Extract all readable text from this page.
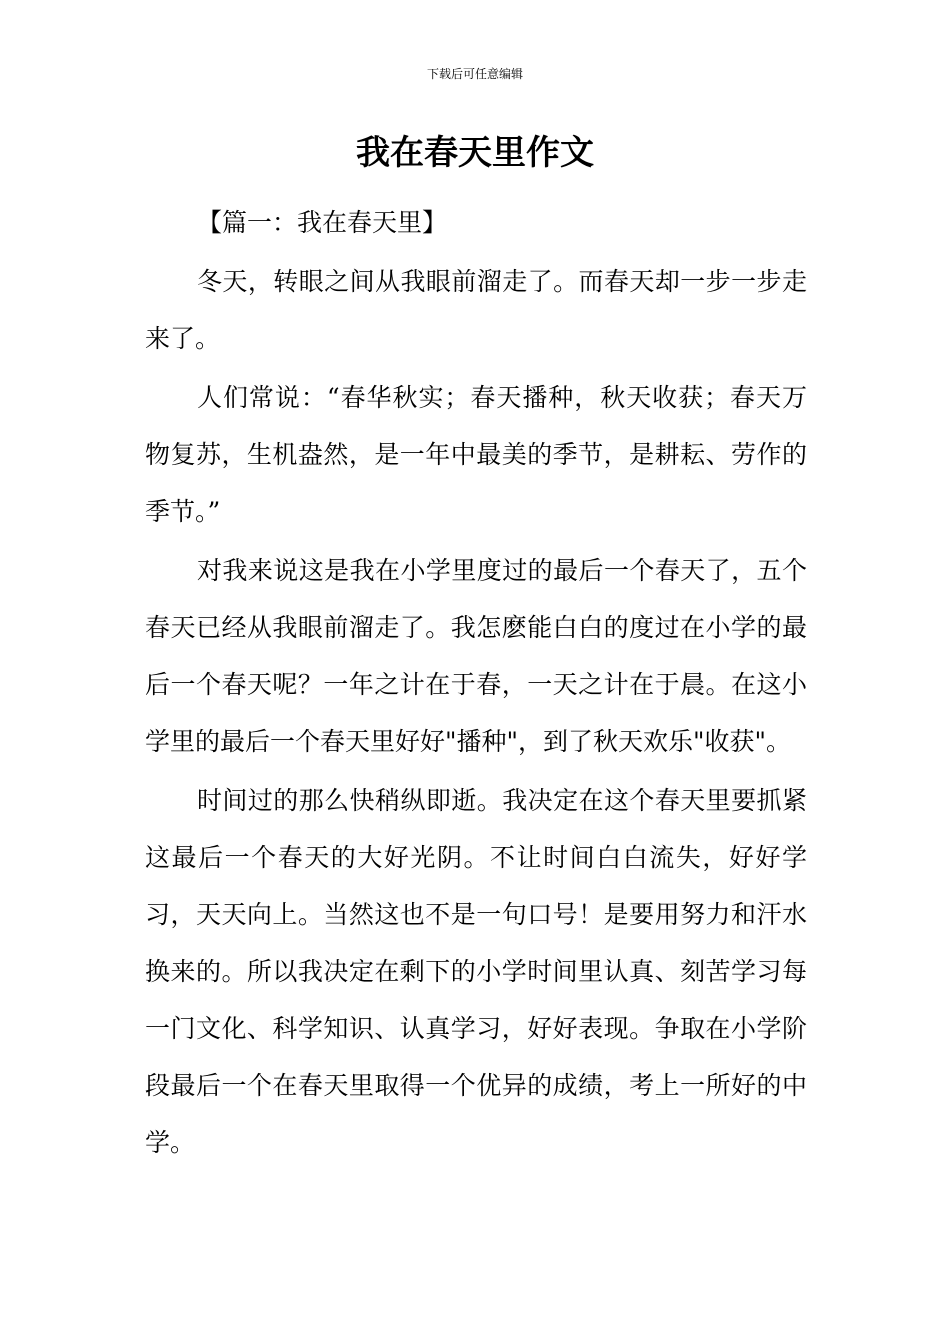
下载后可任意编辑
我在春天里作文

【篇一：我在春天里】

冬天，转眼之间从我眼前溜走了。而春天却一步一步走来了。

人们常说：“春华秋实；春天播种，秋天收获；春天万物复苏，生机盎然，是一年中最美的季节，是耕耘、劳作的季节。”

对我来说这是我在小学里度过的最后一个春天了，五个春天已经从我眼前溜走了。我怎麽能白白的度过在小学的最后一个春天呢？一年之计在于春，一天之计在于晨。在这小学里的最后一个春天里好好"播种"，到了秋天欢乐"收获"。

时间过的那么快稍纵即逝。我决定在这个春天里要抓紧这最后一个春天的大好光阴。不让时间白白流失，好好学习，天天向上。当然这也不是一句口号！是要用努力和汗水换来的。所以我决定在剩下的小学时间里认真、刻苦学习每一门文化、科学知识、认真学习，好好表现。争取在小学阶段最后一个在春天里取得一个优异的成绩，考上一所好的中学。
